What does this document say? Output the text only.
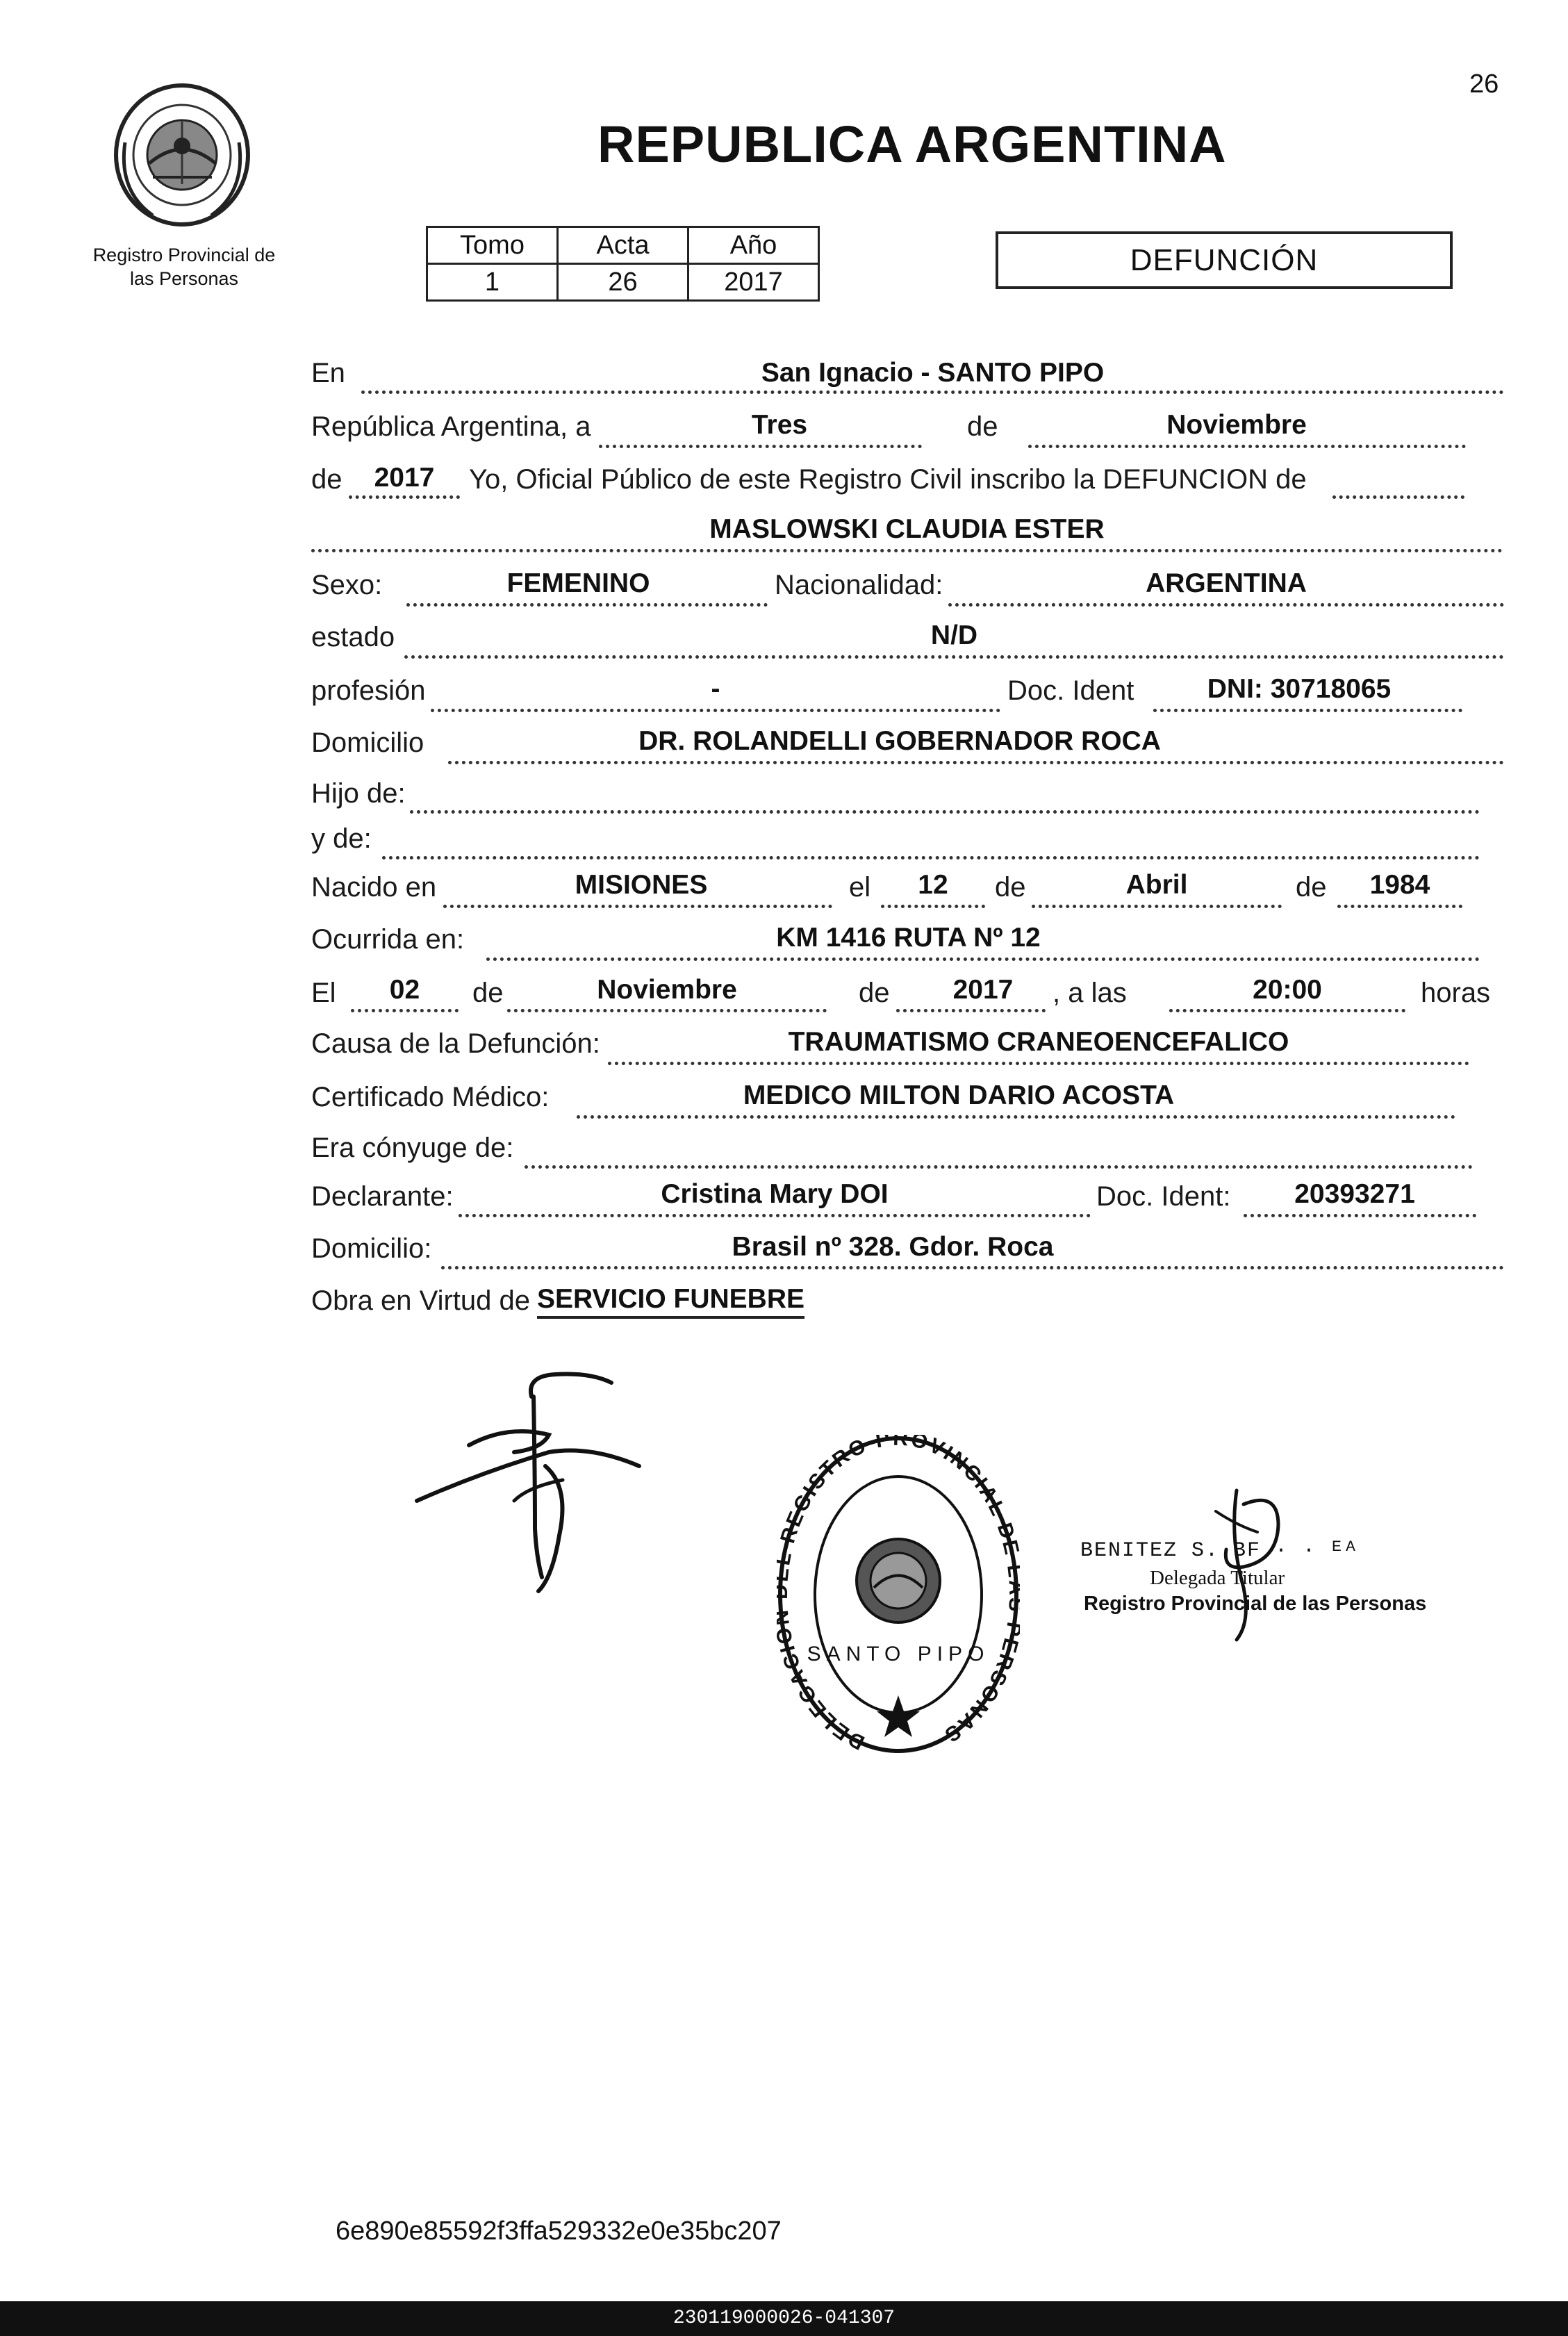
26
Registro Provincial de
las Personas
REPUBLICA ARGENTINA
Tomo	Acta	Año
1	26	2017
DEFUNCIÓN
En	San Ignacio - SANTO PIPO
República Argentina, a	Tres	de	Noviembre
de	2017	Yo, Oficial Público de este Registro Civil inscribo la DEFUNCION de
MASLOWSKI CLAUDIA ESTER
Sexo:	FEMENINO	Nacionalidad:	ARGENTINA
estado	N/D
profesión	-	Doc. Ident	DNI: 30718065
Domicilio	DR. ROLANDELLI GOBERNADOR ROCA
Hijo de:
y de:
Nacido en	MISIONES	el	12	de	Abril	de	1984
Ocurrida en:	KM 1416 RUTA Nº 12
El	02	de	Noviembre	de	2017	, a las	20:00	horas
Causa de la Defunción:	TRAUMATISMO CRANEOENCEFALICO
Certificado Médico:	MEDICO MILTON DARIO ACOSTA
Era cónyuge de:
Declarante:	Cristina Mary DOI	Doc. Ident:	20393271
Domicilio:	Brasil nº 328. Gdor. Roca
Obra en Virtud de SERVICIO FUNEBRE
DELEGACI REGISTRO PROVINCIAL D RSONAS
SANTO PIPO
BENITEZ S. BF · · ᴱᴬ
Delegada Titular
Registro Provincial de las Personas
6e890e85592f3ffa529332e0e35bc207
230119000026-041307
